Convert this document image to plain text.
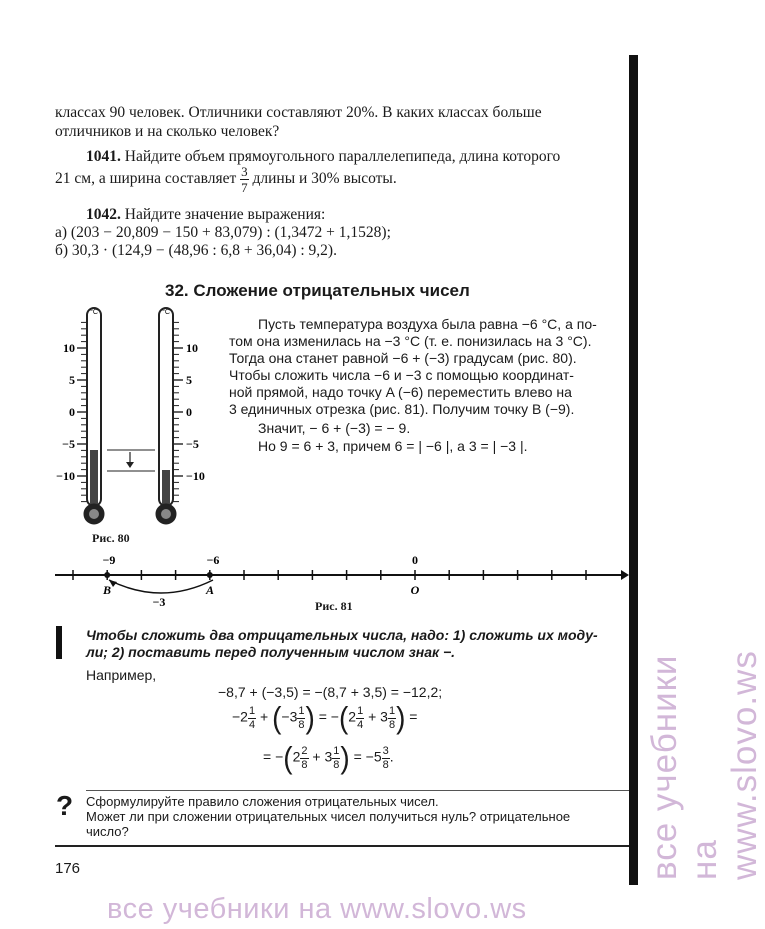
классах 90 человек. Отличники составляют 20%. В каких классах больше
отличников и на сколько человек?
1041. Найдите объем прямоугольного параллелепипеда, длина которого
21 см, а ширина составляет $\frac{3}{7}$ длины и 30% высоты.
1042. Найдите значение выражения:
а) (203 − 20,809 − 150 + 83,079) : (1,3472 + 1,1528);
б) 30,3 · (124,9 − (48,96 : 6,8 + 36,04) : 9,2).
32. Сложение отрицательных чисел
°C	°C
10
5
0
−5
−10
10
5
0
−5
−10
Рис. 80
Пусть температура воздуха была равна −6 °С, а по-
том она изменилась на −3 °С (т. е. понизилась на 3 °С).
Тогда она станет равной −6 + (−3) градусам (рис. 80).
Чтобы сложить числа −6 и −3 с помощью координат-
ной прямой, надо точку A (−6) переместить влево на
3 единичных отрезка (рис. 81). Получим точку B (−9).
Значит, − 6 + (−3) = − 9.
Но 9 = 6 + 3, причем 6 = | −6 |, а 3 = | −3 |.
−9	−6	0
B	A	O
−3	Рис. 81
Чтобы сложить два отрицательных числа, надо: 1) сложить их моду-
ли; 2) поставить перед полученным числом знак −.
Например,
−8,7 + (−3,5) = −(8,7 + 3,5) = −12,2;
$-2 \frac{1}{4} + (-3 \frac{1}{8}$ ) = $-(2 \frac{1}{4} + 3 \frac{1}{8}$ ) =
= $-(2 \frac{2}{8} + 3 \frac{1}{8}$ ) = $-5 \frac{3}{8}$ .
? Сформулируйте правило сложения отрицательных чисел.
Может ли при сложении отрицательных чисел получиться нуль? отрицательное
число?
176	все учебники на www.slovo.ws
все учебники на www.slovo.ws
